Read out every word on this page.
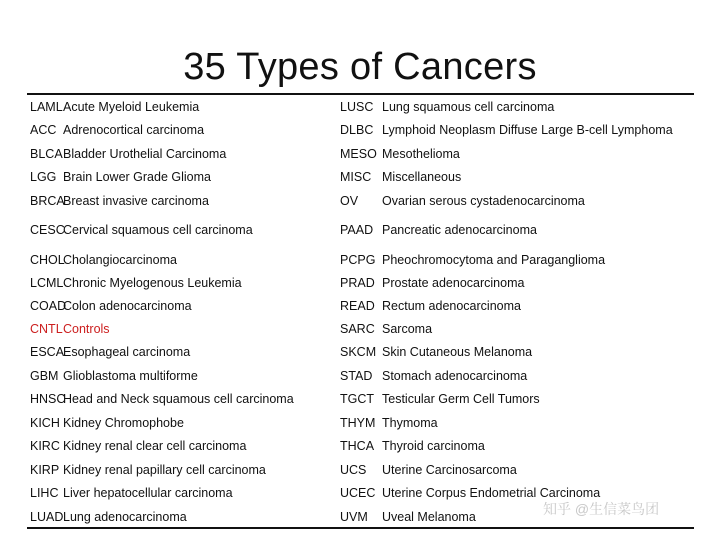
35 Types of Cancers
LAML Acute Myeloid Leukemia
ACC Adrenocortical carcinoma
BLCA Bladder Urothelial Carcinoma
LGG Brain Lower Grade Glioma
BRCA
Breast invasive carcinoma
CESC
Cervical squamous cell carcinoma
CHOL
Cholangiocarcinoma
LCML Chronic Myelogenous Leukemia
COAD
Colon adenocarcinoma
CNTL Controls
ESCA
Esophageal carcinoma
GBM Glioblastoma multiforme
HNSC
Head and Neck squamous cell carcinoma
KICH Kidney Chromophobe
KIRC Kidney renal clear cell carcinoma
KIRP Kidney renal papillary cell carcinoma
LIHC Liver hepatocellular carcinoma
LUAD Lung adenocarcinoma
LUSC Lung squamous cell carcinoma
DLBC Lymphoid Neoplasm Diffuse Large B-cell Lymphoma
MESO Mesothelioma
MISC Miscellaneous
OV Ovarian serous cystadenocarcinoma
PAAD Pancreatic adenocarcinoma
PCPG Pheochromocytoma and Paraganglioma
PRAD Prostate adenocarcinoma
READ Rectum adenocarcinoma
SARC Sarcoma
SKCM Skin Cutaneous Melanoma
STAD Stomach adenocarcinoma
TGCT Testicular Germ Cell Tumors
THYM Thymoma
THCA Thyroid carcinoma
UCS Uterine Carcinosarcoma
UCEC Uterine Corpus Endometrial Carcinoma
UVM Uveal Melanoma	知乎 @生信菜鸟团
